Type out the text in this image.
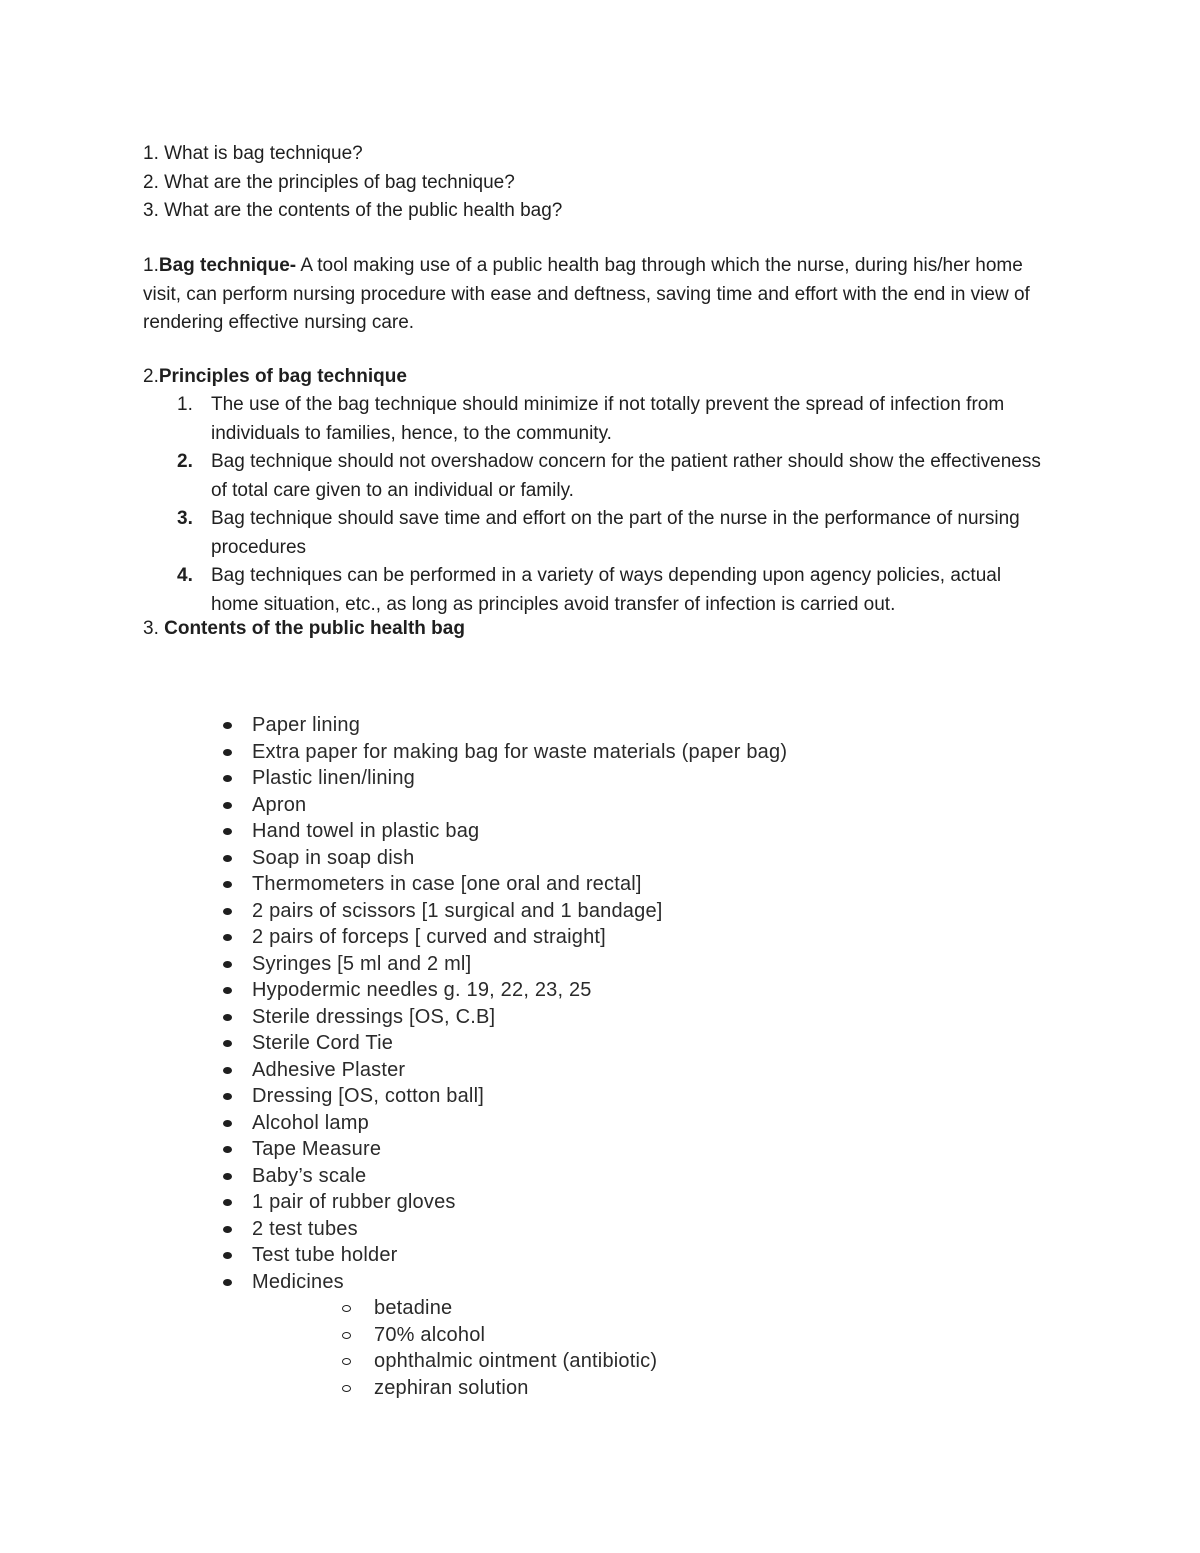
1. What is bag technique?
2. What are the principles of bag technique?
3. What are the contents of the public health bag?
1.Bag technique- A tool making use of a public health bag through which the nurse, during his/her home visit, can perform nursing procedure with ease and deftness, saving time and effort with the end in view of rendering effective nursing care.
2.Principles of bag technique
1. The use of the bag technique should minimize if not totally prevent the spread of infection from individuals to families, hence, to the community.
2. Bag technique should not overshadow concern for the patient rather should show the effectiveness of total care given to an individual or family.
3. Bag technique should save time and effort on the part of the nurse in the performance of nursing procedures
4. Bag techniques can be performed in a variety of ways depending upon agency policies, actual home situation, etc., as long as principles avoid transfer of infection is carried out.
3. Contents of the public health bag
Paper lining
Extra paper for making bag for waste materials (paper bag)
Plastic linen/lining
Apron
Hand towel in plastic bag
Soap in soap dish
Thermometers in case [one oral and rectal]
2 pairs of scissors [1 surgical and 1 bandage]
2 pairs of forceps [ curved and straight]
Syringes [5 ml and 2 ml]
Hypodermic needles g. 19, 22, 23, 25
Sterile dressings [OS, C.B]
Sterile Cord Tie
Adhesive Plaster
Dressing [OS, cotton ball]
Alcohol lamp
Tape Measure
Baby’s scale
1 pair of rubber gloves
2 test tubes
Test tube holder
Medicines
betadine
70% alcohol
ophthalmic ointment (antibiotic)
zephiran solution
